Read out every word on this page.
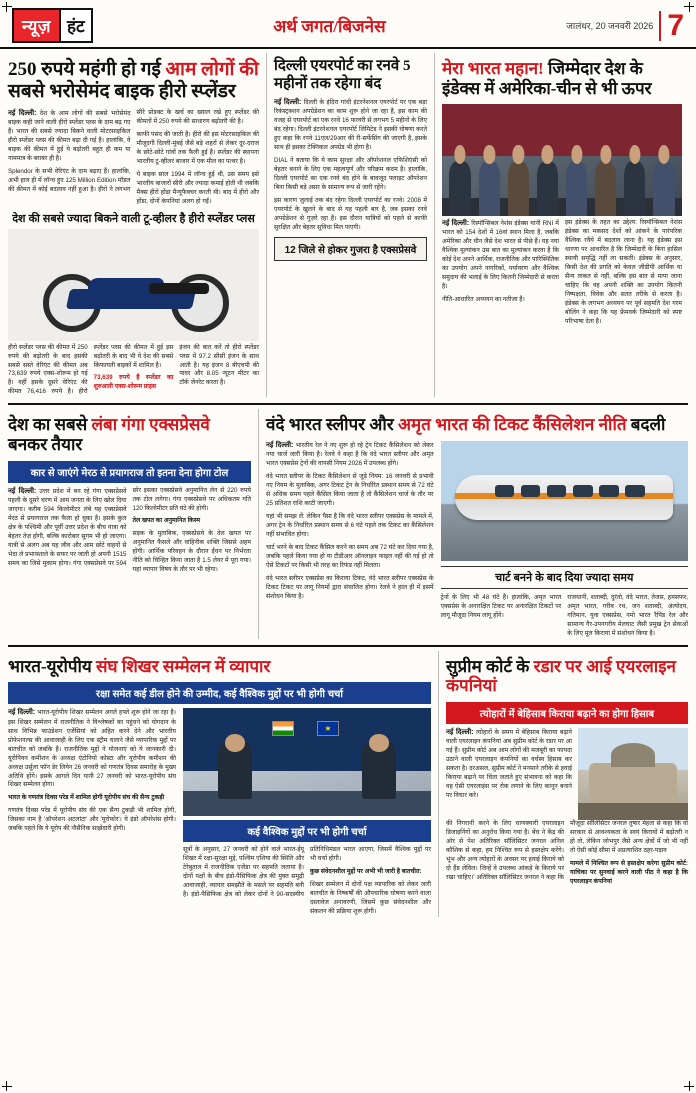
न्यूज़ हंट	अर्थ जगत/बिजनेस	जालंधर, 20 जनवरी 2026 7
250 रुपये महंगी हो गई आम लोगों की सबसे भरोसेमंद बाइक हीरो स्प्लेंडर

नई दिल्ली: देश के आम लोगों की सबसे भरोसेमंद बाइक कही जाने वाली हीरो स्प्लेंडर प्लस के दाम बढ़ गए हैं। भारत की सबसे ज्यादा बिकने वाली मोटरसाइकिल हीरो स्प्लेंडर प्लस की कीमत बढ़ा दी गई है। हालांकि, ये बाइक की कीमत में हुई ये बढ़ोतरी बहुत ही कम या नाममात्र के बराबर ही है।

Splendor के सभी वेरिएंट के दाम बढ़ाए हैं। हालांकि, अभी हाल ही में लॉन्च हुए 125 Million Edition मॉडल की कीमत में कोई बदलाव नहीं हुआ है। हीरो ने लगभग सीरे प्रोडक्ट के खर्च का ख्याल रखे हुए स्प्लेंडर की कीमतों में 250 रुपये की साधारण बढ़ोतरी की है।

काफी पसंद की जाती है। हीरो की इस मोटरसाइकिल की मौजूदगी दिल्ली-मुंबई जैसे बड़े शहरों से लेकर दूर-दराज के छोटे-छोटे गांवों तक फैली हुई है। स्प्लेंडर की स्थापना भारतीय टू-व्हीलर बाजार में एक मील का पत्थर है।

ये बाइक साल 1994 में लॉन्च हुई थी, उस समय इसे भारतीय बाजारों सीरी और ज्यादा कमाई होती थी जबकि मैक्स हीरो होंडा मैन्यूफैक्चर करती थी। बाद में हीरो और होंडा, दोनों कंपनियां अलग हो गईं।

देश की सबसे ज्यादा बिकने वाली टू-व्हीलर है हीरो स्प्लेंडर प्लस

हीरो स्प्लेंडर प्लस की कीमत में 250 रुपये की बढ़ोतरी के बाद इसकी सबसे सस्ते वेरिएंट की कीमत अब 73,639 रुपये एक्स-शोरूम हो गई है। वहीं इसके दूसरे वेरिएंट की कीमत 76,416 रुपये है। हीरो स्प्लेंडर प्लस की कीमत में हुई इस बढ़ोतरी के बाद भी ये देश की सबसे किफायती बाइकों में शामिल है।

73,639 रुपये है स्प्लेंडर का शुरुआती एक्स-शोरूम प्राइस

इंजन की बात करें तो हीरो स्प्लेंडर प्लस में 97.2 सीसी इंजन के साथ आती है। यह इंजन 8 बीएचपी की पावर और 8.05 न्यूटन मीटर का टॉर्क जेनरेट करता है।

दिल्ली एयरपोर्ट का रनवे 5 महीनों तक रहेगा बंद

नई दिल्ली: दिल्ली के इंदिरा गांधी इंटरनेशनल एयरपोर्ट पर एक बड़ा रिकंस्ट्रक्शन अपग्रेडेशन का काम शुरू होने जा रहा है, इस काम की वजह से एयरपोर्ट का एक रनवे 16 फरवरी से लगभग 5 महीनों के लिए बंद रहेगा। दिल्ली इंटरनेशनल एयरपोर्ट लिमिटेड ने इसकी घोषणा करते हुए कहा कि रनवे 11एल/29आर की री-सर्फेसिंग की जाएगी है, इसके साथ ही इसका टेक्निकल अपग्रेड भी होगा है।

DIAL ने बताया कि ये काम सुरक्षा और ऑपरेशनल एफिशिएंसी को बेहतर बनाने के लिए एक महत्वपूर्ण और परिक्रम कदम है। हालांकि, दिल्ली एयरपोर्ट का एक रनवे बंद होने के बावजूद फ्लाइट ऑपरेशन बिना किसी बड़े असर के सामान्य रूप से जारी रहेंगे।

इस कारण जुलाई तक बंद रहेगा दिल्ली एयरपोर्ट का रनवे। 2008 में एयरपोर्ट के खुलने के बाद से यह पहली बार है, जब इसका रनवे अपग्रेडेशन से गुज़रे रहा है। इस दौरान यात्रियों को पहले से काफी सुरक्षित और बेहतर सुविधा मिल पाएगी।

12 जिले से होकर गुजरा है एक्सप्रेसवे
मेरा भारत महान! जिम्मेदार देश के इंडेक्स में अमेरिका-चीन से भी ऊपर

नई दिल्ली: रिस्पॉन्सिबल नेशंस इंडेक्स यानी RNI में भारत को 154 देशों में 16वां स्थान मिला है, जबकि अमेरिका और चीन जैसे देश भारत से पीछे हैं। यह नया वैश्विक मूल्यांकन उस बात का मूल्यांकन करता है कि कोई देश अपने आर्थिक, राजनीतिक और पारिस्थितिक का उपयोग अपने नागरिकों, पर्यावरण और वैश्विक समुदाय की भलाई के लिए कितनी जिम्मेदारी से करता है।

नीति-आधारित अध्ययन का नतीजा है।

इस इंडेक्स के तहत का उद्देश्य: रिस्पॉन्सिबल नेशंस इंडेक्स का मकसद देशों को आंकने के पारंपरिक वैश्विक रवैये में बदलाव लाना है। यह इंडेक्स इस धारणा पर आधारित है कि जिम्मेदारी के बिना हासिल स्थायी समृद्धि नहीं ला सकती। इंडेक्स के अनुसार, किसी देश की प्रगति को केवल जीडीपी आर्थिक या सैन्य ताकत से नहीं, बल्कि इस बात से मापा जाना चाहिए कि वह अपनी शक्ति का उपयोग कितनी निष्पक्षता, विवेक और सतत तरीके से करता है। इंडेक्स के लगभग अध्ययन पर पूर्व सहमति देश गरम बोलिंग ने कहा कि यह फ्रेमवर्क जिम्मेदारी को स्पष्ट परिभाषा देता है।

देश का सबसे लंबा गंगा एक्सप्रेसवे बनकर तैयार
कार से जाएंगे मेरठ से प्रयागराज तो इतना देना होगा टोल

नई दिल्ली: उत्तर प्रदेश में बन रहे गंगा एक्सप्रेसवे पहली के दूसरे चरण में आम जनता के लिए खोल दिया जाएगा। करीब 594 किलोमीटर लंबे यह एक्सप्रेसवे मेरठ से प्रयागराज तक फैला हो चुका है। इसके कुल क्षेत्र के पश्चिमी और पूर्वी उत्तर प्रदेश के बीच यात्रा को बेहतर तेज़ होगी, बल्कि कारोबार सुगम भी हो जाएगा। यात्री से अलग अब यह जीव और आम छोटे वाहनों से भेदा ले प्रभावशाले के सफर पर जाती हो अपनी 1515 समय का जिसे मुकाम होगा। गंगा एक्सप्रेसवे पर 594 छोर इसका एक्सप्रेसवे अनुमानित लेन से 220 रुपये तक टोल लगेगा। गंगा एक्सप्रेसवे पर अधिकतम गति 120 किलोमीटर प्रति घंटे की होगी।

तेल खपत का अनुमानित किस्म

सड़क के मुताबिक, एक्सप्रेसवे के तेल खपत पर अनुमानित फैसले और वाहिनीक शक्ति जिससे अहम होगी। आर्थिक परिवहन के दौरान ईंधन पर निर्भरता नीति को चिन्हित किया जाता है 1.5 लेयर में पूरा गया। यहां व्यापार विषय के तौर पर भी रहेगा।

वंदे भारत स्लीपर और अमृत भारत की टिकट कैंसिलेशन नीति बदली

नई दिल्ली: भारतीय रेल ने नए शुरू हो रहे ट्रेन टिकट कैंसिलेशन को लेकर नया चार्ज जारी किया है। रेलवे ने कहा है कि वंदे भारत स्लीपर और अमृत भारत एक्सप्रेस ट्रेनों की वापसी नियम 2026 में उपलब्ध होंगे।

वंदे भारत स्लीपर के टिकट कैंसिलेशन से जुड़े नियम: 16 जनवरी से प्रभावी नए नियम के मुताबिक, अगर टिकट ट्रेन के निर्धारित प्रस्थान समय से 72 घंटे से अधिक समय पहले कैंसिल किया जाता है तो कैंसिलेशन चार्ज के तौर पर 25 प्रतिशत राशि काटी जाएगी।

यहां भी समझ लें: लेकिन पैसा है कि वंदे भारत स्लीपर एक्सप्रेस के मामले में, अगर ट्रेन के निर्धारित प्रस्थान समय से 6 घंटे पहले तक टिकट का कैंसिलेशन नहीं संभावित होगा।

चार्ट भरने के बाद टिकट कैंसिल करने का समय अब 72 घंटे कर दिया गया है, जबकि पहले किया गया हो या टीडीआर ऑनलाइन फाइल नहीं की गई हो तो ऐसे टिकटों पर किसी भी तरह का रिफंड नहीं मिलता।

वंदे भारत स्लीपर एक्सप्रेस का किराया टिकट, वंदे भारत स्लीपर एक्सप्रेस के टिकट टिकट पर लागू नियमों द्वारा संचालित होगा। रेलवे ने हाल ही में इसमें संशोधन किया है।

चार्ट बनने के बाद दिया ज्यादा समय

ट्रेनों के लिए भी 48 घंटे है। हालांकि, अमृत भारत एक्सप्रेस के अनारक्षित टिकट पर अनारक्षित टिकटों पर लागू मौजूदा नियम लागू होंगे।

राजधानी, शताब्दी, दुरंतो, वंदे भारत, तेजस, हमसफर, अमृत भारत, गरीब रथ, जन शताब्दी, अंत्योदय, गतिमान, युवा एक्सप्रेस, नमो भारत रैपिड रेल और सामान्य गैर-उपनगरीय मेलघाट जैसी प्रमुख ट्रेन सेवाओं के लिए मूल किराया में संशोधन किया है।

भारत-यूरोपीय संघ शिखर सम्मेलन में व्यापार
रक्षा समेत कई डील होने की उम्मीद, कई वैश्विक मुद्दों पर भी होगी चर्चा

नई दिल्ली: भारत-यूरोपीय शिखर सम्मेलन अगले हफ्ते शुरू होने जा रहा है। इस शिखर सम्मेलन में राजनीतिक ने विश्लेषकों का पहुंचने को योगदान के साथ विभिन्न फाउंडेशन एजेंसियां को अहित करने देने और भारतीय प्रोफेशनल्स की आवाजाही के लिए एक स्ट्रीम चलाने जैसे व्यापारिक मुद्दों पर बातचीत को जबकि है। राजनीतिक मुद्दों ने योजनाएं को ये जानकारी दी। यूरोपियन कमीशन के अध्यक्ष एंटोनियो कोस्टा और यूरोपीय कमीशन की अध्यक्ष उर्सुला फॉन डेर लियेन 26 जनवरी को गणतंत्र दिवस समारोह के मुख्य अतिथि होंगे। इसके आगले दिन यानी 27 जनवरी को भारत-यूरोपीय संघ शिखर सम्मेलन होगा।

भारत के गणतंत्र दिवस परेड में शामिल होगी यूरोपीय संघ की सैन्य टुकड़ी

गणतंत्र दिवस परेड में यूरोपीय संघ की एक सैन्य टुकड़ी भी शामिल होगी, जिसका नाम है 'ऑपरेशन अटलांटा' और 'यूरोफोर'। ये इंडो ऑपरेशंस होगी। जबकि पहले कि ये यूरोप की नौसैनिक साझेदारी होगी।

★	कई वैश्विक मुद्दों पर भी होगी चर्चा

सूत्रों के अनुसार, 27 जनवरी को होने वाले भारत-ईयू शिखर में रक्षा-सुरक्षा मुद्दे, पश्चिम एशिया की स्थिति और टेरेबुताल में राजनीतिक एजेंडा पर सहमति जताया है। दोनों पक्षों के बीच इंडो-पैसिफिक क्षेत्र की मुक्त समुद्री आवाजाही, व्यापार समझौते के मसले पर सहमति बनी है। इंडो-पैसिफिक क्षेत्र को लेकर दोनों ने 90-सदस्यीय प्रतिनिधिमंडल भारत आएगा, जिसमें वैश्विक मुद्दों पर भी चर्चा होगी।

कुछ संवेदनशील मुद्दों पर अभी भी जारी है बातचीत:

शिखर सम्मेलन में दोनों पक्ष व्यापारिक को लेकर जारी बातचीत के निष्कर्षों की औपचारिक घोषणा करने वाला दस्तावेज अनावरणी, जिसमें कुछ संवेदनशील और संकलन की प्रक्रिया शुरू होगी।

सुप्रीम कोर्ट के रडार पर आई एयरलाइन कंपनियां
त्योहारों में बेहिसाब किराया बढ़ाने का होगा हिसाब

नई दिल्ली: त्योहारों के समय में बेहिसाब किराया बढ़ाने वाली एयरलाइन कंपनियां अब सुप्रीम कोर्ट के रडार पर आ गई हैं। सुप्रीम कोर्ट अब आम लोगों की मजबूरी का फायदा उठाने वाली एयरलाइन कंपनियों का वर्चस्व हिसाब कर सकता है। दरअसल, सुप्रीम कोर्ट ने मनमाने तरीके से हवाई किराया बढ़ाने पर चिंता जताते हुए संभावना को कहा कि वह ऐसी एयरलाइंस पर रोक लगाने के लिए कानून बनाने पर विचार करे।

की निगरानी करने के लिए चाणक्यारी एयरलाइन डिजाइनिंगों का अनुरोध किया गया है। बेंच ने केंद्र की ओर से पेश अतिरिक्त सॉलिसिटर जनरल अनिल कौशिक से कहा, हम निश्चित रूप से हस्तक्षेप करेंगे। भूंभ और अन्य त्योहारों के अवसर पर हवाई किराये को दो हैंड लेविल। जिन्हें वे उपलब्ध आंकड़े के किराये पर रखा चाहिए।' अतिरिक्त सॉलिसिटर जनरल ने कहा कि मौजूदा सॉलिसिटर जनरल तुषार मेहता से कहा कि वो सरकार से आवश्यकता के स्वयं किरायों में बढ़ोतरी न हो तो, लेकिन जोभपुर जैसे अन्य क्षेत्रों में जो भी नहीं तो ऐसी कोई सीमा में अप्रत्याशित ठहर-पड़ाव

मामले में निश्चित रूप से हस्तक्षेप करेगा सुप्रीम कोर्ट: याचिका पर सुनवाई करने वाली पीठ ने कहा है कि एयरलाइन कंपनियां
